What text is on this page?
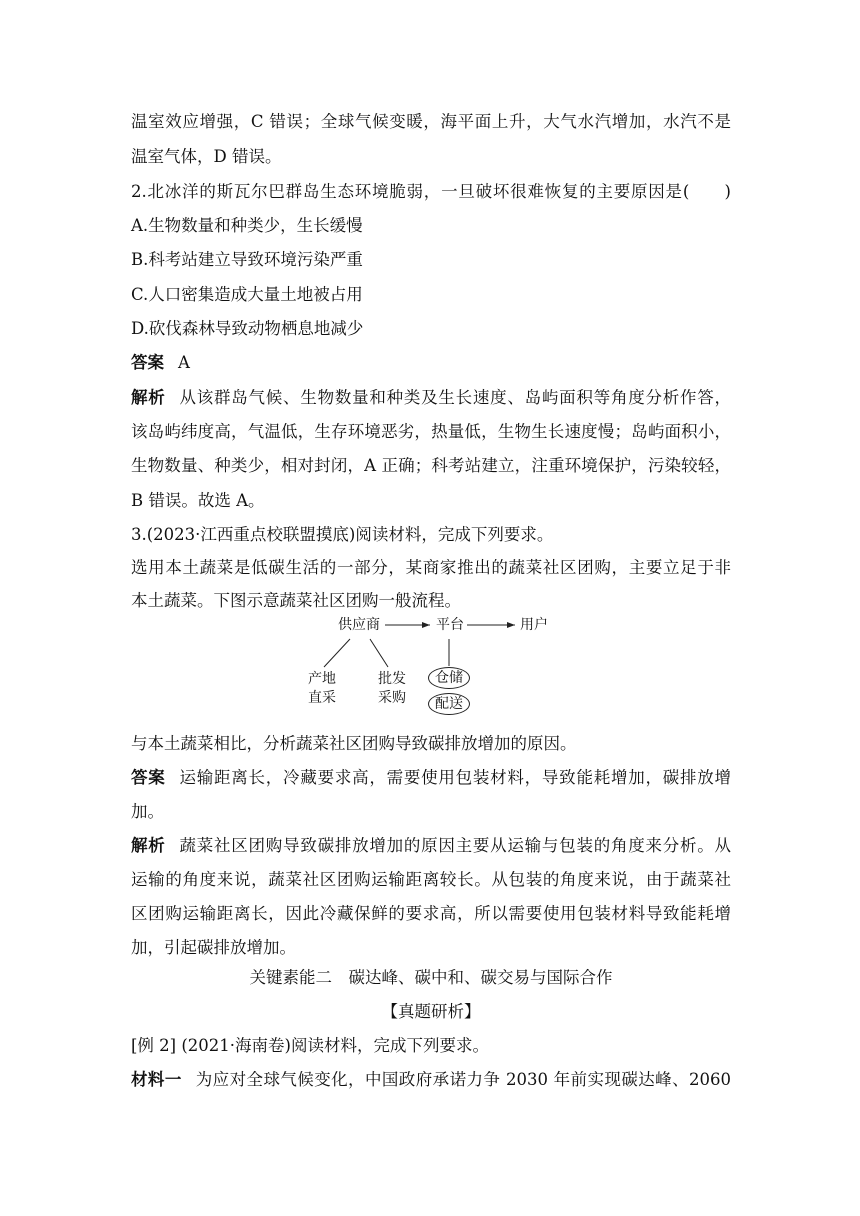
温室效应增强，C 错误；全球气候变暖，海平面上升，大气水汽增加，水汽不是
温室气体，D 错误。
2.北冰洋的斯瓦尔巴群岛生态环境脆弱，一旦破坏很难恢复的主要原因是(　　)
A.生物数量和种类少，生长缓慢
B.科考站建立导致环境污染严重
C.人口密集造成大量土地被占用
D.砍伐森林导致动物栖息地减少
答案 A
解析 从该群岛气候、生物数量和种类及生长速度、岛屿面积等角度分析作答，
该岛屿纬度高，气温低，生存环境恶劣，热量低，生物生长速度慢；岛屿面积小，
生物数量、种类少，相对封闭，A 正确；科考站建立，注重环境保护，污染较轻，
B 错误。故选 A。
3.(2023·江西重点校联盟摸底)阅读材料，完成下列要求。
选用本土蔬菜是低碳生活的一部分，某商家推出的蔬菜社区团购，主要立足于非
本土蔬菜。下图示意蔬菜社区团购一般流程。
供应商	平台	用户
产地
直采
批发
采购
仓储
配送
与本土蔬菜相比，分析蔬菜社区团购导致碳排放增加的原因。
答案 运输距离长，冷藏要求高，需要使用包装材料，导致能耗增加，碳排放增
加。
解析 蔬菜社区团购导致碳排放增加的原因主要从运输与包装的角度来分析。从
运输的角度来说，蔬菜社区团购运输距离较长。从包装的角度来说，由于蔬菜社
区团购运输距离长，因此冷藏保鲜的要求高，所以需要使用包装材料导致能耗增
加，引起碳排放增加。
关键素能二　碳达峰、碳中和、碳交易与国际合作
【真题研析】
[例 2] (2021·海南卷)阅读材料，完成下列要求。
材料一 为应对全球气候变化，中国政府承诺力争 2030 年前实现碳达峰、2060
